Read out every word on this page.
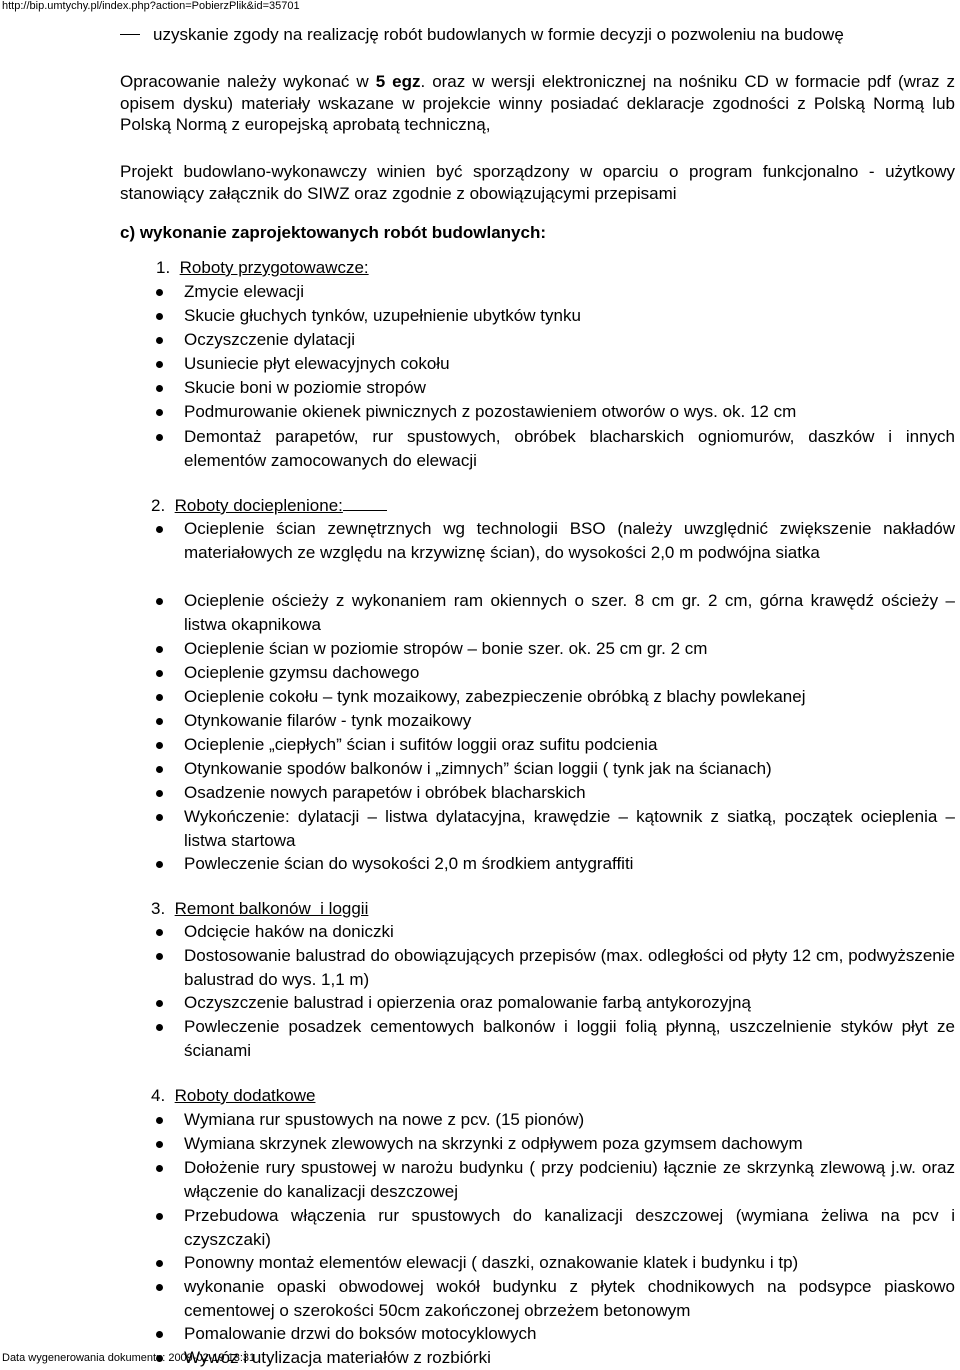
http://bip.umtychy.pl/index.php?action=PobierzPlik&id=35701
uzyskanie zgody na realizację robót budowlanych w formie decyzji o pozwoleniu na budowę
Opracowanie należy wykonać w 5 egz. oraz w wersji elektronicznej na nośniku CD w formacie pdf (wraz z opisem dysku) materiały wskazane w projekcie winny posiadać deklaracje zgodności z Polską Normą lub Polską Normą z europejską aprobatą techniczną,
Projekt budowlano-wykonawczy winien być sporządzony w oparciu o program funkcjonalno - użytkowy stanowiący załącznik do SIWZ oraz zgodnie z obowiązującymi przepisami
c) wykonanie zaprojektowanych robót budowlanych:
1. Roboty przygotowawcze:
Zmycie elewacji
Skucie głuchych tynków, uzupełnienie ubytków tynku
Oczyszczenie dylatacji
Usuniecie płyt elewacyjnych cokołu
Skucie boni w poziomie stropów
Podmurowanie okienek piwnicznych z pozostawieniem otworów o wys. ok. 12 cm
Demontaż parapetów, rur spustowych, obróbek blacharskich ogniomurów, daszków i innych elementów zamocowanych do elewacji
2. Roboty docieplenione:
Ocieplenie ścian zewnętrznych wg technologii BSO (należy uwzględnić zwiększenie nakładów materiałowych ze względu na krzywiznę ścian), do wysokości 2,0 m podwójna siatka
Ocieplenie ościeży z wykonaniem ram okiennych o szer. 8 cm gr. 2 cm, górna krawędź ościeży – listwa okapnikowa
Ocieplenie ścian w poziomie stropów – bonie szer. ok. 25 cm gr. 2 cm
Ocieplenie gzymsu dachowego
Ocieplenie cokołu – tynk mozaikowy, zabezpieczenie obróbką z blachy powlekanej
Otynkowanie filarów - tynk mozaikowy
Ocieplenie „ciepłych” ścian i sufitów loggii oraz sufitu podcienia
Otynkowanie spodów balkonów i „zimnych” ścian loggii ( tynk jak na ścianach)
Osadzenie nowych parapetów i obróbek blacharskich
Wykończenie: dylatacji – listwa dylatacyjna, krawędzie – kątownik z siatką, początek ocieplenia – listwa startowa
Powleczenie ścian do wysokości 2,0 m środkiem antygraffiti
3. Remont balkonów  i loggii
Odcięcie haków na doniczki
Dostosowanie balustrad do obowiązujących przepisów (max. odległości od płyty 12 cm, podwyższenie balustrad do wys. 1,1 m)
Oczyszczenie balustrad i opierzenia oraz pomalowanie farbą antykorozyjną
Powleczenie posadzek cementowych balkonów i loggii folią płynną, uszczelnienie styków płyt ze ścianami
4. Roboty dodatkowe
Wymiana rur spustowych na nowe z pcv. (15 pionów)
Wymiana skrzynek zlewowych na skrzynki z odpływem poza gzymsem dachowym
Dołożenie rury spustowej w narożu budynku ( przy podcieniu) łącznie ze skrzynką zlewową j.w. oraz włączenie do kanalizacji deszczowej
Przebudowa włączenia rur spustowych do kanalizacji deszczowej (wymiana żeliwa na pcv i czyszczaki)
Ponowny montaż elementów elewacji ( daszki, oznakowanie klatek i budynku i tp)
wykonanie opaski obwodowej wokół budynku z płytek chodnikowych na podsypce piaskowo cementowej o szerokości 50cm zakończonej obrzeżem betonowym
Pomalowanie drzwi do boksów motocyklowych
Wywóz i utylizacja materiałów z rozbiórki
Data wygenerowania dokumentu: 2009-02-19 13:31
